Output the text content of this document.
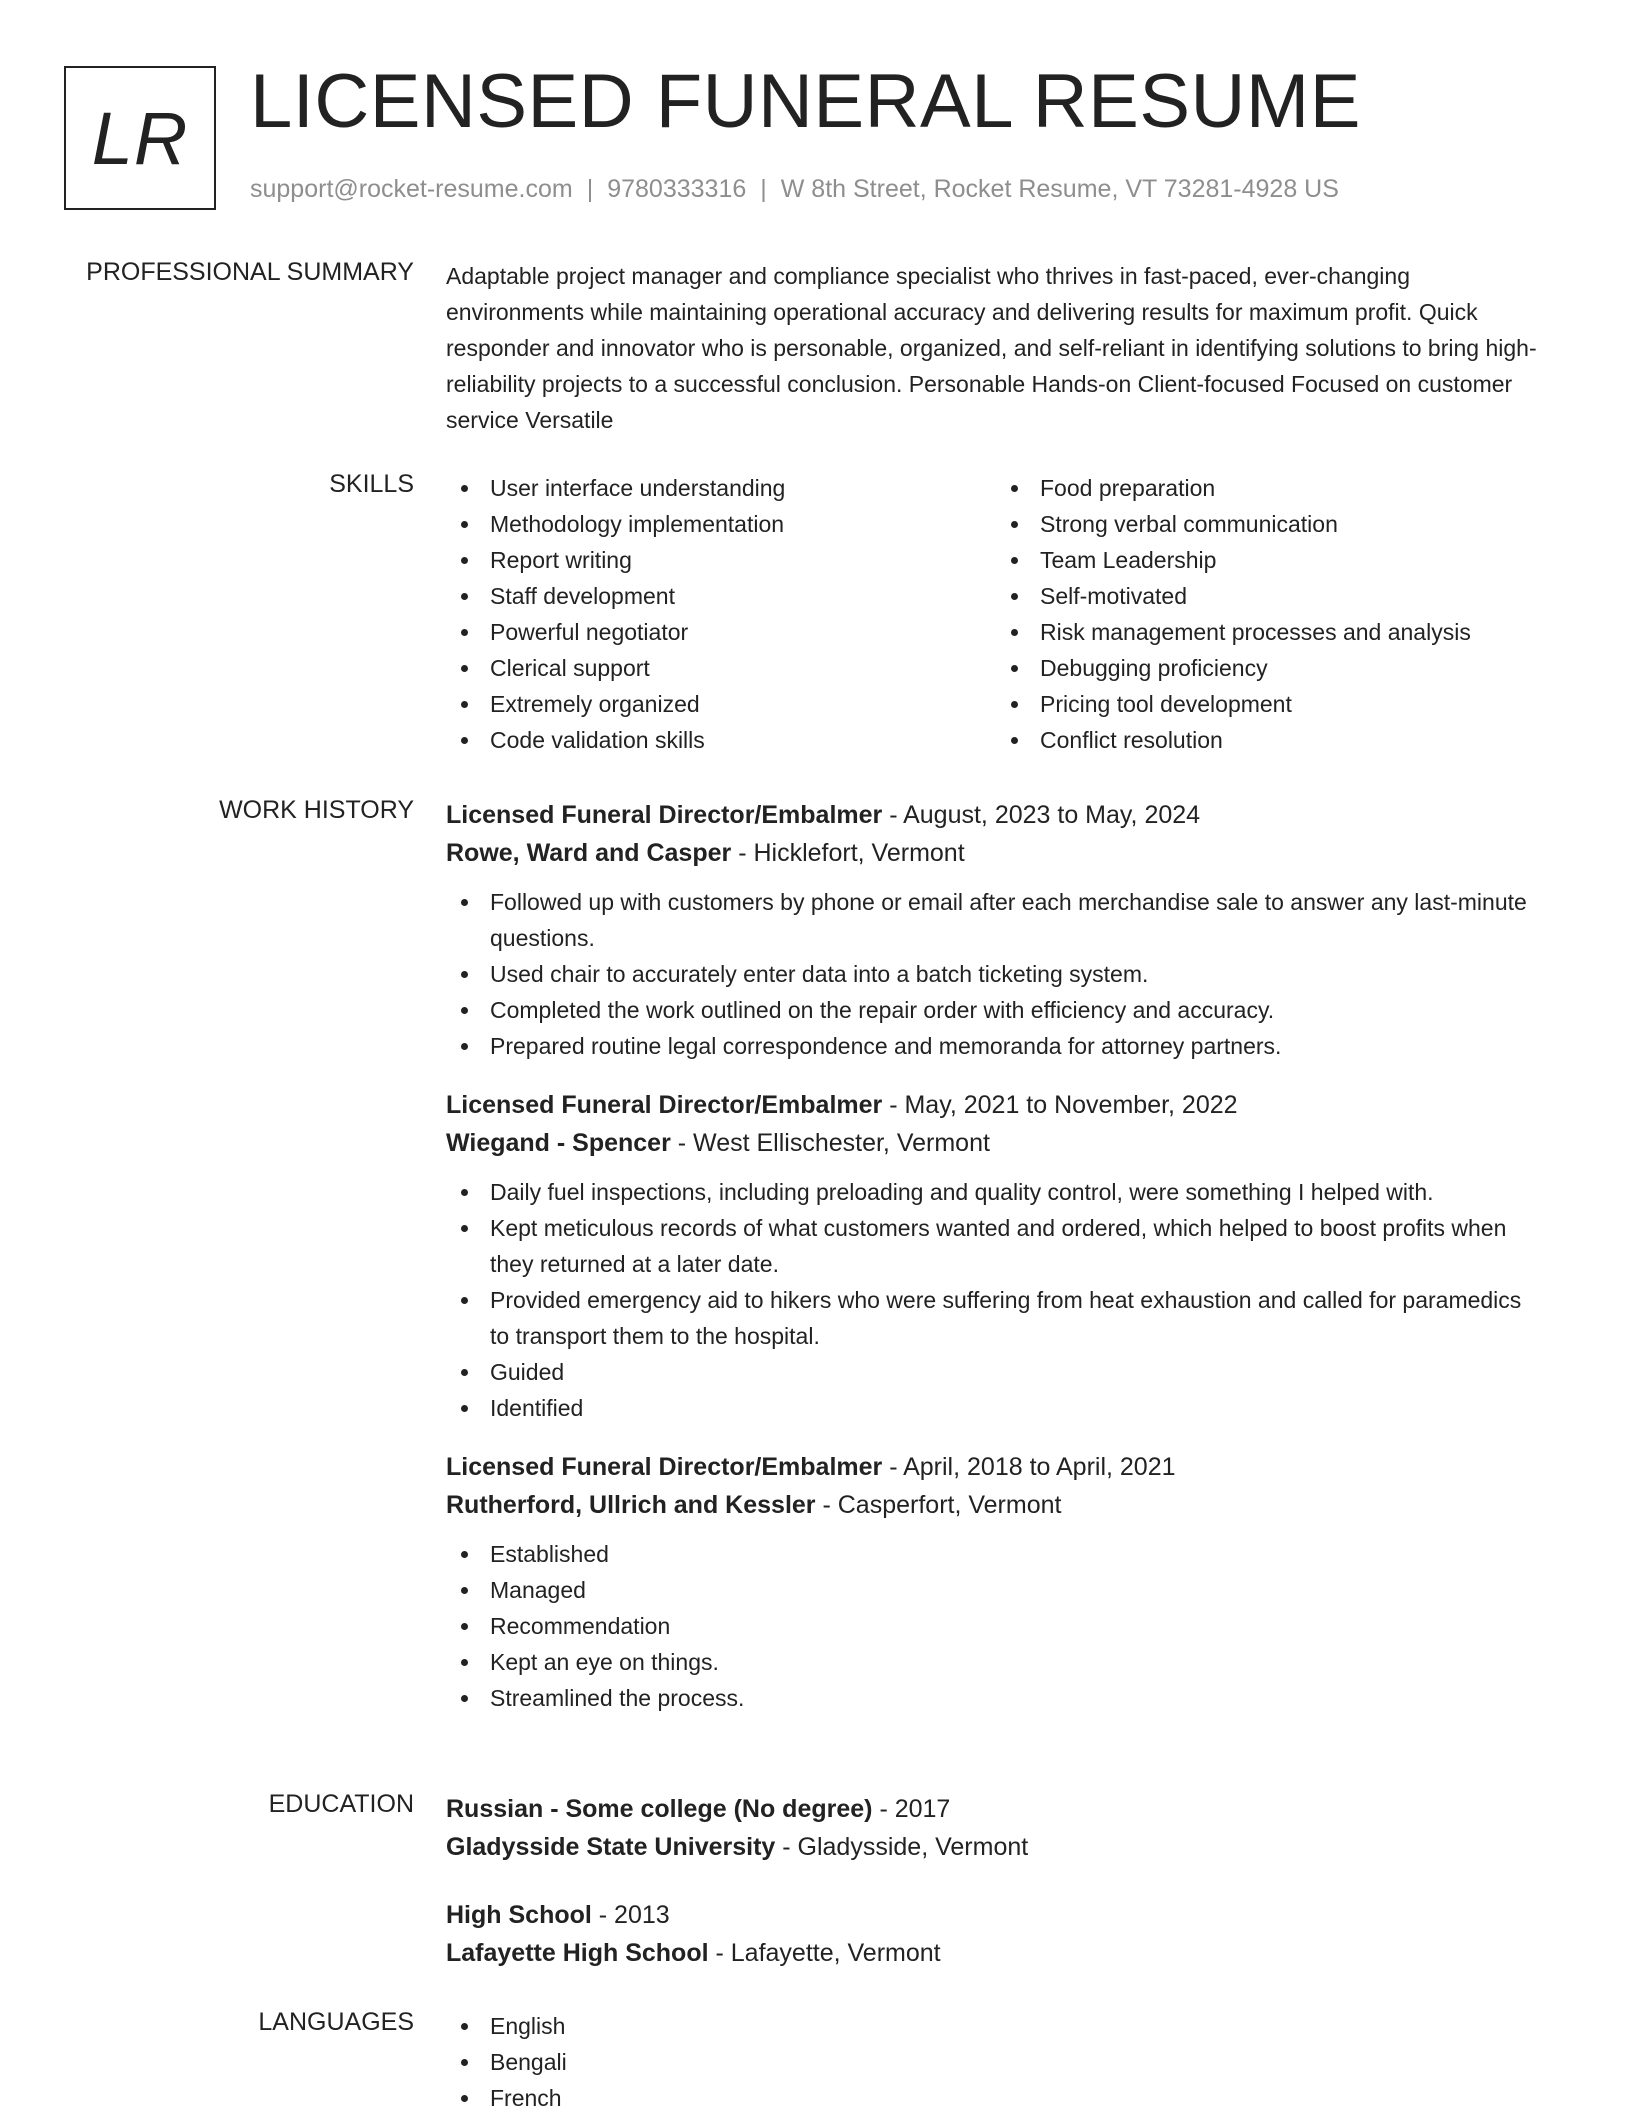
LR LICENSED FUNERAL RESUME
support@rocket-resume.com | 9780333316 | W 8th Street, Rocket Resume, VT 73281-4928 US
PROFESSIONAL SUMMARY Adaptable project manager and compliance specialist who thrives in fast-paced, ever-changing environments while maintaining operational accuracy and delivering results for maximum profit. Quick responder and innovator who is personable, organized, and self-reliant in identifying solutions to bring high-reliability projects to a successful conclusion. Personable Hands-on Client-focused Focused on customer service Versatile

SKILLS	User interface understanding
Methodology implementation
Report writing
Staff development
Powerful negotiator
Clerical support
Extremely organized
Code validation skills
Food preparation
Strong verbal communication
Team Leadership
Self-motivated
Risk management processes and analysis
Debugging proficiency
Pricing tool development
Conflict resolution
WORK HISTORY Licensed Funeral Director/Embalmer - August, 2023 to May, 2024
Rowe, Ward and Casper - Hicklefort, Vermont
Followed up with customers by phone or email after each merchandise sale to answer any last-minute questions.
Used chair to accurately enter data into a batch ticketing system.
Completed the work outlined on the repair order with efficiency and accuracy.
Prepared routine legal correspondence and memoranda for attorney partners.
Licensed Funeral Director/Embalmer - May, 2021 to November, 2022
Wiegand - Spencer - West Ellischester, Vermont
Daily fuel inspections, including preloading and quality control, were something I helped with.
Kept meticulous records of what customers wanted and ordered, which helped to boost profits when they returned at a later date.
Provided emergency aid to hikers who were suffering from heat exhaustion and called for paramedics to transport them to the hospital.
Guided
Identified
Licensed Funeral Director/Embalmer - April, 2018 to April, 2021
Rutherford, Ullrich and Kessler - Casperfort, Vermont
Established
Managed
Recommendation
Kept an eye on things.
Streamlined the process.
EDUCATION Russian - Some college (No degree) - 2017
Gladysside State University - Gladysside, Vermont
High School - 2013
Lafayette High School - Lafayette, Vermont
LANGUAGES	English
Bengali
French
